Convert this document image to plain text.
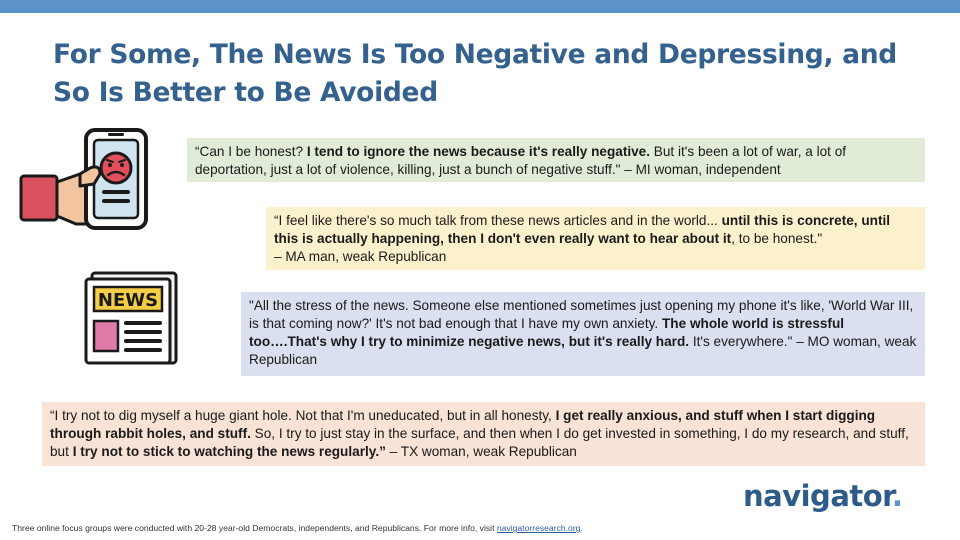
For Some, The News Is Too Negative and Depressing, and
So Is Better to Be Avoided
NEWS
“Can I be honest? I tend to ignore the news because it's really negative. But it's been a lot of war, a lot of deportation, just a lot of violence, killing, just a bunch of negative stuff." – MI woman, independent
“I feel like there's so much talk from these news articles and in the world... until this is concrete, until this is actually happening, then I don't even really want to hear about it, to be honest."
– MA man, weak Republican
"All the stress of the news. Someone else mentioned sometimes just opening my phone it's like, 'World War III, is that coming now?' It's not bad enough that I have my own anxiety. The whole world is stressful too….That's why I try to minimize negative news, but it's really hard. It's everywhere." – MO woman, weak Republican
“I try not to dig myself a huge giant hole. Not that I'm uneducated, but in all honesty, I get really anxious, and stuff when I start digging through rabbit holes, and stuff. So, I try to just stay in the surface, and then when I do get invested in something, I do my research, and stuff, but I try not to stick to watching the news regularly.” – TX woman, weak Republican
navigator.
Three online focus groups were conducted with 20-28 year-old Democrats, independents, and Republicans. For more info, visit navigatorresearch.org.
